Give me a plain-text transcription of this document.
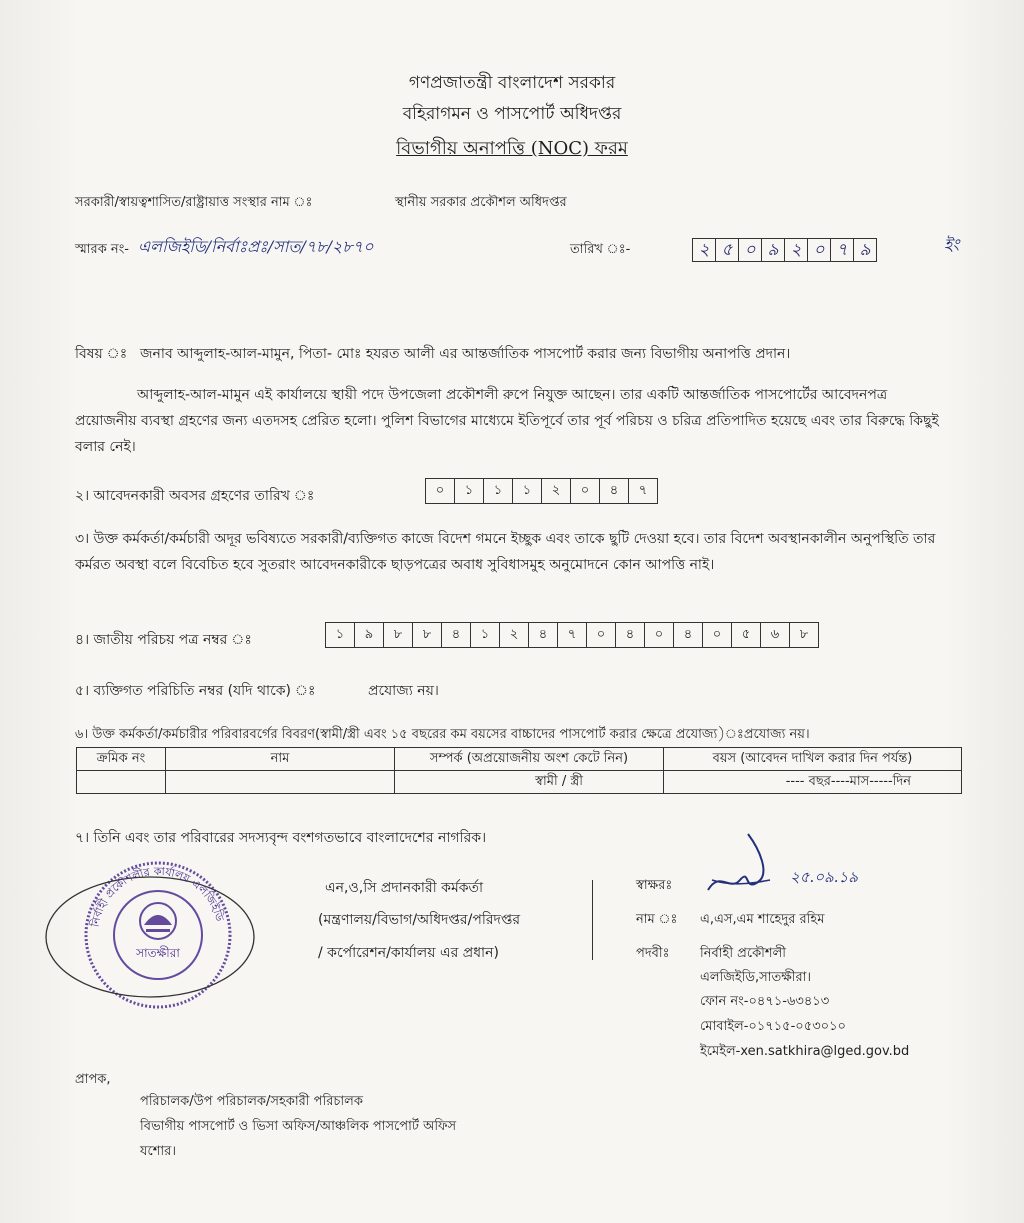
গণপ্রজাতন্ত্রী বাংলাদেশ সরকার
বহিরাগমন ও পাসপোর্ট অধিদপ্তর
বিভাগীয় অনাপত্তি (NOC) ফরম
সরকারী/স্বায়ত্বশাসিত/রাষ্ট্রায়াত্ত সংস্থার নাম ঃ	স্থানীয় সরকার প্রকৌশল অধিদপ্তর
স্মারক নং- এলজিইডি/নির্বাঃপ্রঃ/সাত/৭৮/২৮৭০	তারিখ ঃ-	২ ৫ ০ ৯ ২ ০ ৭ ৯	ইং
বিষয় ঃ জনাব আব্দুলাহ-আল-মামুন, পিতা- মোঃ হযরত আলী এর আন্তর্জাতিক পাসপোর্ট করার জন্য বিভাগীয় অনাপত্তি প্রদান।
আব্দুলাহ-আল-মামুন এই কার্যালয়ে স্থায়ী পদে উপজেলা প্রকৌশলী রুপে নিযুক্ত আছেন। তার একটি আন্তর্জাতিক পাসপোর্টের আবেদনপত্র প্রয়োজনীয় ব্যবস্থা গ্রহণের জন্য এতদসহ প্রেরিত হলো। পুলিশ বিভাগের মাধ্যেমে ইতিপূর্বে তার পূর্ব পরিচয় ও চরিত্র প্রতিপাদিত হয়েছে এবং তার বিরুদ্ধে কিছুই বলার নেই।
২। আবেদনকারী অবসর গ্রহণের তারিখ ঃ	০	১	১	১	২	০	৪	৭
৩। উক্ত কর্মকর্তা/কর্মচারী অদূর ভবিষ্যতে সরকারী/ব্যক্তিগত কাজে বিদেশ গমনে ইচ্ছুক এবং তাকে ছুটি দেওয়া হবে। তার বিদেশ অবস্থানকালীন অনুপস্থিতি তার কর্মরত অবস্থা বলে বিবেচিত হবে সুতরাং আবেদনকারীকে ছাড়পত্রের অবাধ সুবিধাসমুহ অনুমোদনে কোন আপত্তি নাই।
৪। জাতীয় পরিচয় পত্র নম্বর ঃ	১	৯	৮	৮	৪	১	২	৪	৭	০	৪	০	৪	০	৫	৬	৮
৫। ব্যক্তিগত পরিচিতি নম্বর (যদি থাকে) ঃ	প্রযোজ্য নয়।
৬। উক্ত কর্মকর্তা/কর্মচারীর পরিবারবর্গের বিবরণ(স্বামী/স্ত্রী এবং ১৫ বছরের কম বয়সের বাচ্চাদের পাসপোর্ট করার ক্ষেত্রে প্রযোজ্য)ঃপ্রযোজ্য নয়।
ক্রমিক নং	নাম	সম্পর্ক (অপ্রয়োজনীয় অংশ কেটে নিন)	বয়স (আবেদন দাখিল করার দিন পর্যন্ত)
		স্বামী / স্ত্রী	---- বছর----মাস-----দিন
৭। তিনি এবং তার পরিবারের সদস্যবৃন্দ বংশগতভাবে বাংলাদেশের নাগরিক।
নির্বাহী প্রকৌশলীর কার্যালয় এলজিইডি
সাতক্ষীরা
এন,ও,সি প্রদানকারী কর্মকর্তা
(মন্ত্রণালয়/বিভাগ/অধিদপ্তর/পরিদপ্তর
/ কর্পোরেশন/কার্যালয় এর প্রধান)
স্বাক্ষরঃ	২৫.০৯.১৯
নাম ঃ এ,এস,এম শাহেদুর রহিম
পদবীঃ নির্বাহী প্রকৌশলী
এলজিইডি,সাতক্ষীরা।
ফোন নং-০৪৭১-৬৩৪১৩
মোবাইল-০১৭১৫-০৫৩০১০
ইমেইল-xen.satkhira@lged.gov.bd
প্রাপক,
পরিচালক/উপ পরিচালক/সহকারী পরিচালক
বিভাগীয় পাসপোর্ট ও ভিসা অফিস/আঞ্চলিক পাসপোর্ট অফিস
যশোর।
